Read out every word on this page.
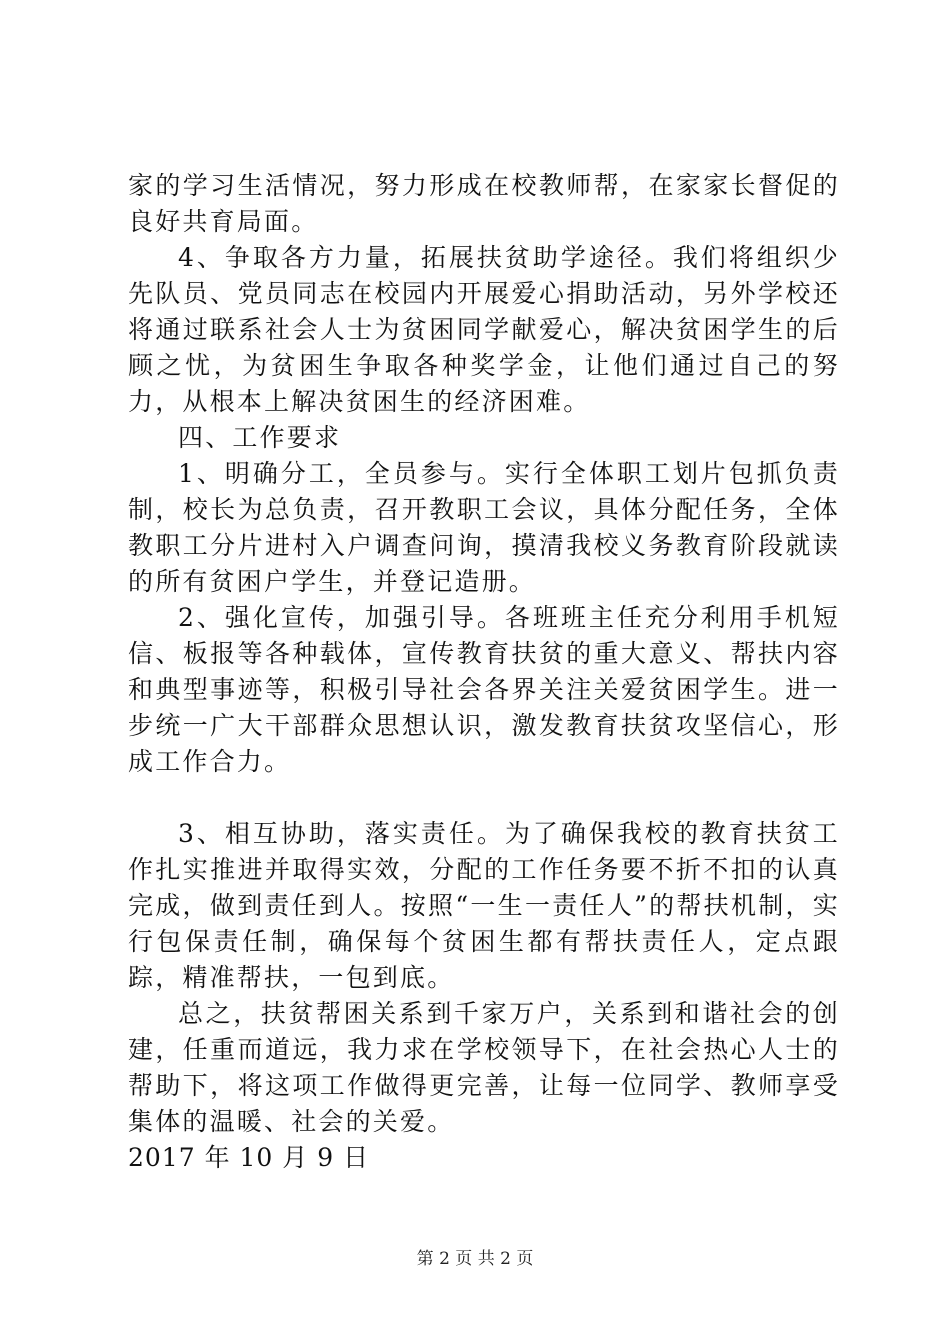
家的学习生活情况，努力形成在校教师帮，在家家长督促的良好共育局面。

4、争取各方力量，拓展扶贫助学途径。我们将组织少先队员、党员同志在校园内开展爱心捐助活动，另外学校还将通过联系社会人士为贫困同学献爱心，解决贫困学生的后顾之忧，为贫困生争取各种奖学金，让他们通过自己的努力，从根本上解决贫困生的经济困难。

四、工作要求

1、明确分工，全员参与。实行全体职工划片包抓负责制，校长为总负责，召开教职工会议，具体分配任务，全体教职工分片进村入户调查问询，摸清我校义务教育阶段就读的所有贫困户学生，并登记造册。

2、强化宣传，加强引导。各班班主任充分利用手机短信、板报等各种载体，宣传教育扶贫的重大意义、帮扶内容和典型事迹等，积极引导社会各界关注关爱贫困学生。进一步统一广大干部群众思想认识，激发教育扶贫攻坚信心，形成工作合力。

3、相互协助，落实责任。为了确保我校的教育扶贫工作扎实推进并取得实效，分配的工作任务要不折不扣的认真完成，做到责任到人。按照“一生一责任人”的帮扶机制，实行包保责任制，确保每个贫困生都有帮扶责任人，定点跟踪，精准帮扶，一包到底。

总之，扶贫帮困关系到千家万户，关系到和谐社会的创建，任重而道远，我力求在学校领导下，在社会热心人士的帮助下，将这项工作做得更完善，让每一位同学、教师享受集体的温暖、社会的关爱。

2017 年 10 月 9 日

第 2 页 共 2 页
